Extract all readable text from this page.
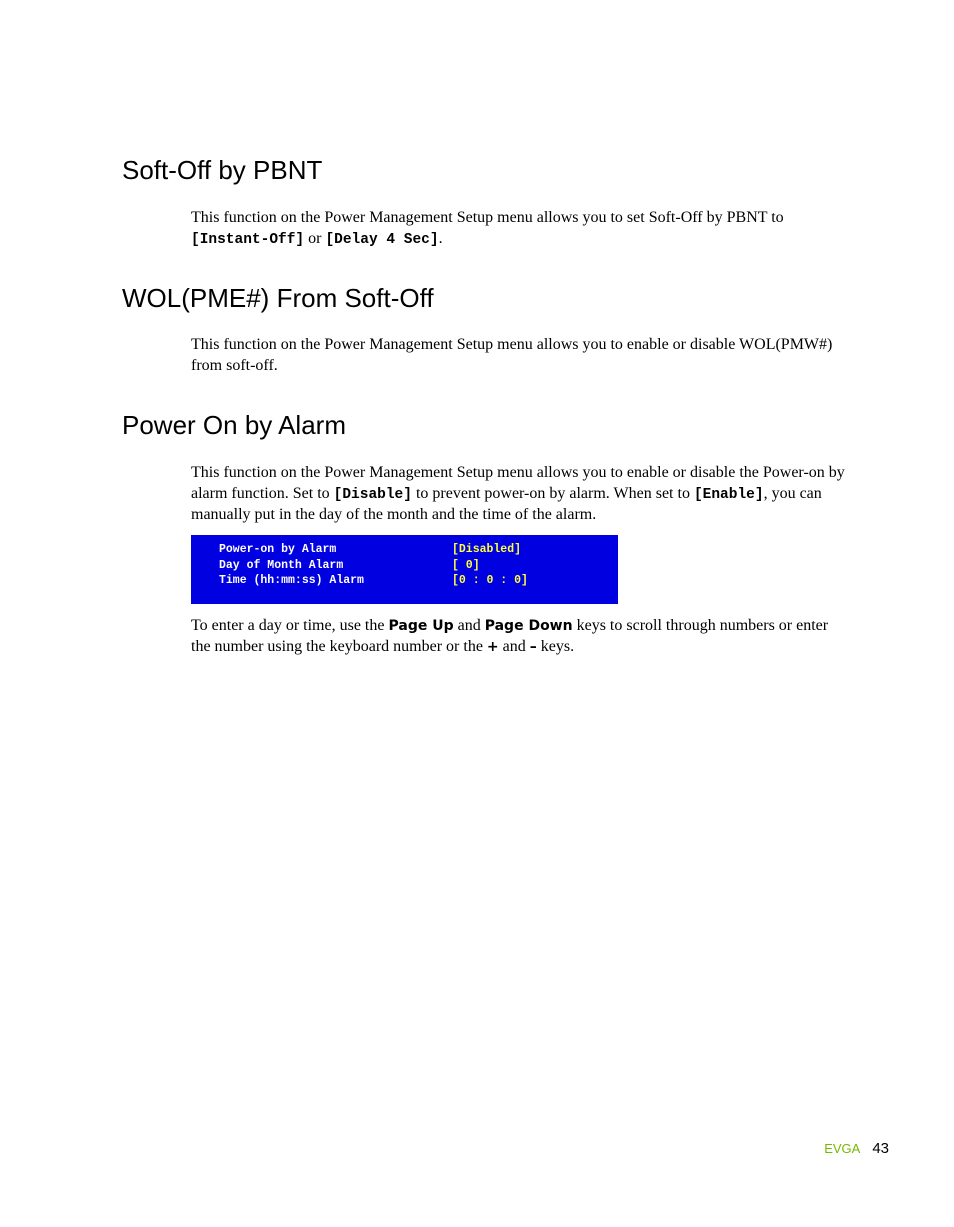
Soft-Off by PBNT

This function on the Power Management Setup menu allows you to set Soft-Off by PBNT to [Instant-Off] or [Delay 4 Sec].

WOL(PME#) From Soft-Off

This function on the Power Management Setup menu allows you to enable or disable WOL(PMW#) from soft-off.

Power On by Alarm

This function on the Power Management Setup menu allows you to enable or disable the Power-on by alarm function. Set to [Disable] to prevent power-on by alarm. When set to [Enable], you can manually put in the day of the month and the time of the alarm.

Power-on by Alarm	[Disabled]
Day of Month Alarm	[ 0]
Time (hh:mm:ss) Alarm	[0 : 0 : 0]

To enter a day or time, use the Page Up and Page Down keys to scroll through numbers or enter the number using the keyboard number or the + and – keys.

EVGA 43
